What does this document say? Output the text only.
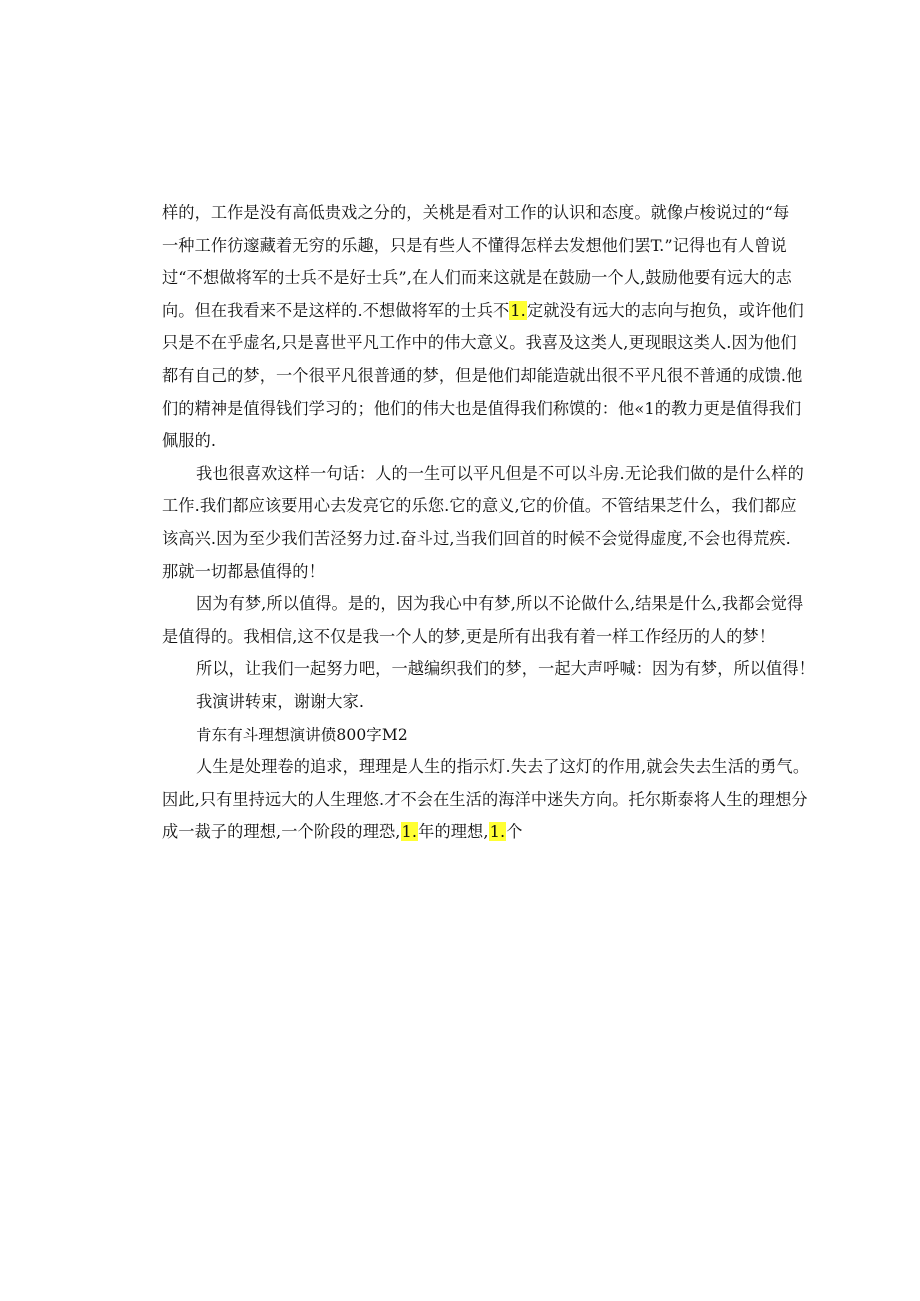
样的，工作是没有高低贵戏之分的，关桃是看对工作的认识和态度。就像卢梭说过的“每
一种工作彷邃藏着无穷的乐趣，只是有些人不懂得怎样去发想他们罢T.”记得也有人曾说
过“不想做将军的士兵不是好士兵”,在人们而来这就是在鼓励一个人,鼓励他要有远大的志
向。但在我看来不是这样的.不想做将军的士兵不1.定就没有远大的志向与抱负，或许他们
只是不在乎虚名,只是喜世平凡工作中的伟大意义。我喜及这类人,更现眼这类人.因为他们
都有自己的梦，一个很平凡很普通的梦，但是他们却能造就出很不平凡很不普通的成馈.他
们的精神是值得钱们学习的；他们的伟大也是值得我们称馍的：他«1的教力更是值得我们
佩服的.
我也很喜欢这样一句话：人的一生可以平凡但是不可以斗房.无论我们做的是什么样的
工作.我们都应该要用心去发亮它的乐您.它的意义,它的价值。不管结果芝什么，我们都应
该高兴.因为至少我们苦泾努力过.奋斗过,当我们回首的时候不会觉得虚度,不会也得荒疾.
那就一切都悬值得的！
因为有梦,所以值得。是的，因为我心中有梦,所以不论做什么,结果是什么,我都会觉得
是值得的。我相信,这不仅是我一个人的梦,更是所有出我有着一样工作经历的人的梦！
所以，让我们一起努力吧，一越编织我们的梦，一起大声呼喊：因为有梦，所以值得！
我演讲转束，谢谢大家.
肯东有斗理想演讲偾800字M2
人生是处理卷的追求，理理是人生的指示灯.失去了这灯的作用,就会失去生活的勇气。
因此,只有里持远大的人生理悠.才不会在生活的海洋中迷失方向。托尔斯泰将人生的理想分
成一裁子的理想,一个阶段的理恐,1.年的理想,1.个
